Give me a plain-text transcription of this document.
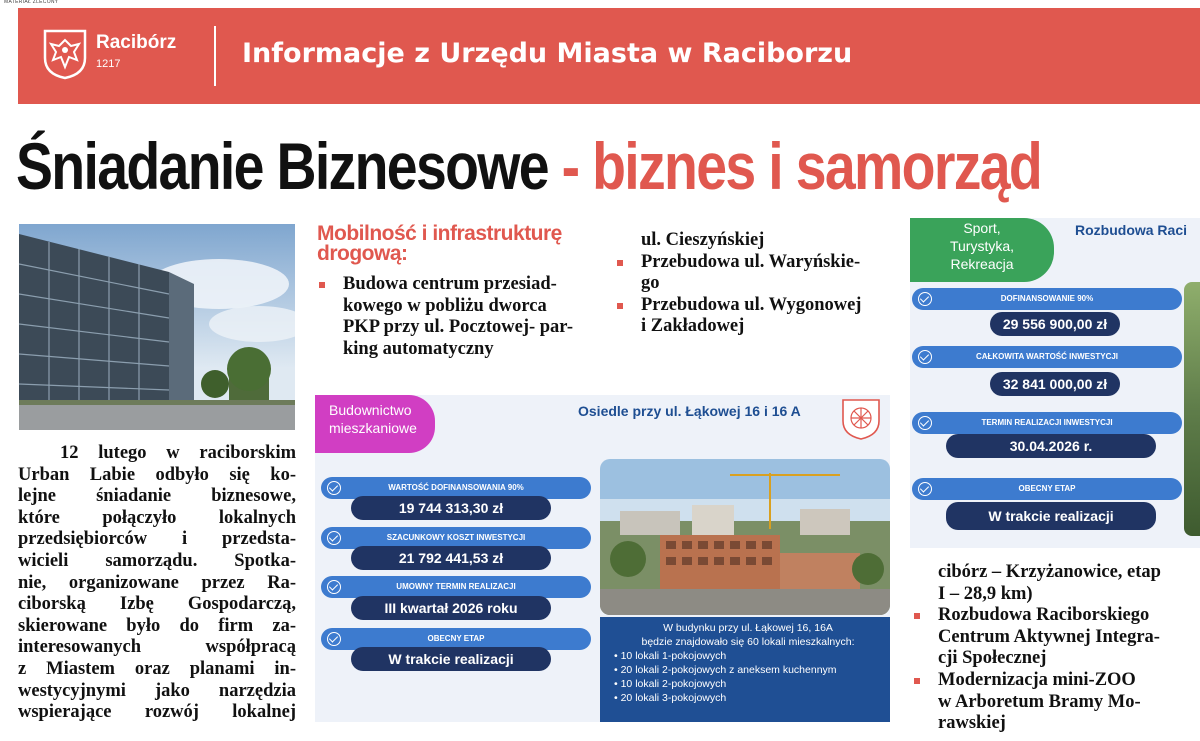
MATERIAŁ ZLECONY
Racibórz
1217	Informacje z Urzędu Miasta w Raciborzu
Śniadanie Biznesowe - biznes i samorząd
12 lutego w raciborskim
Urban Labie odbyło się ko-
lejne śniadanie biznesowe,
które połączyło lokalnych
przedsiębiorców i przedsta-
wicieli samorządu. Spotka-
nie, organizowane przez Ra-
ciborską Izbę Gospodarczą,
skierowane było do firm za-
interesowanych współpracą
z Miastem oraz planami in-
westycyjnymi jako narzędzia
wspierające rozwój lokalnej
Mobilność i infrastrukturę
drogową:
Budowa centrum przesiad-
kowego w pobliżu dworca
PKP przy ul. Pocztowej- par-
king automatyczny
ul. Cieszyńskiej
Przebudowa ul. Waryńskie-
go
Przebudowa ul. Wygonowej
i Zakładowej
Budownictwo
mieszkaniowe
Osiedle przy ul. Łąkowej 16 i 16 A
WARTOŚĆ DOFINANSOWANIA 90%
19 744 313,30 zł
SZACUNKOWY KOSZT INWESTYCJI
21 792 441,53 zł
UMOWNY TERMIN REALIZACJI
III kwartał 2026 roku
OBECNY ETAP
W trakcie realizacji
W budynku przy ul. Łąkowej 16, 16A
będzie znajdowało się 60 lokali mieszkalnych:
• 10 lokali 1-pokojowych
• 20 lokali 2-pokojowych z aneksem kuchennym
• 10 lokali 2-pokojowych
• 20 lokali 3-pokojowych
Sport,
Turystyka,
Rekreacja
Rozbudowa Raci
DOFINANSOWANIE 90%
29 556 900,00 zł
CAŁKOWITA WARTOŚĆ INWESTYCJI
32 841 000,00 zł
TERMIN REALIZACJI INWESTYCJI
30.04.2026 r.
OBECNY ETAP
W trakcie realizacji
cibórz – Krzyżanowice, etap
I – 28,9 km)
Rozbudowa Raciborskiego
Centrum Aktywnej Integra-
cji Społecznej
Modernizacja mini-ZOO
w Arboretum Bramy Mo-
rawskiej
